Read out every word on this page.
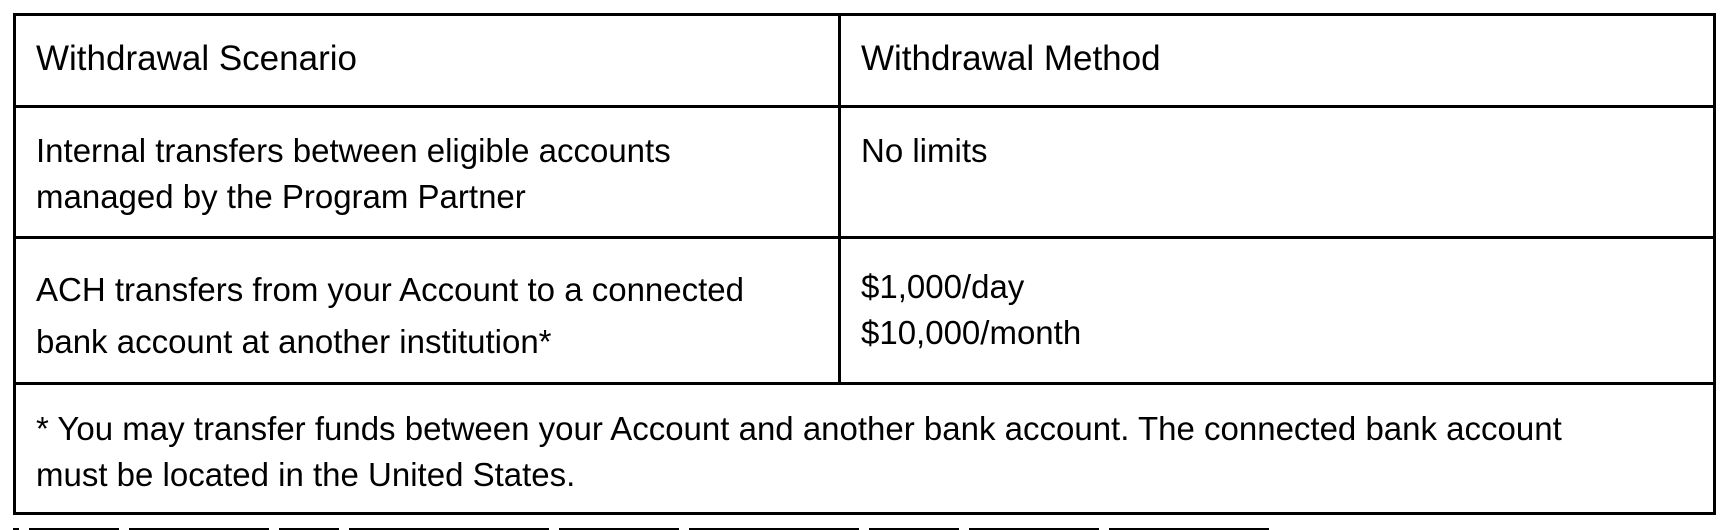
Withdrawal Scenario	Withdrawal Method
Internal transfers between eligible accounts
managed by the Program Partner
No limits
ACH transfers from your Account to a connected
bank account at another institution*
$1,000/day
$10,000/month
* You may transfer funds between your Account and another bank account. The connected bank account
must be located in the United States.
